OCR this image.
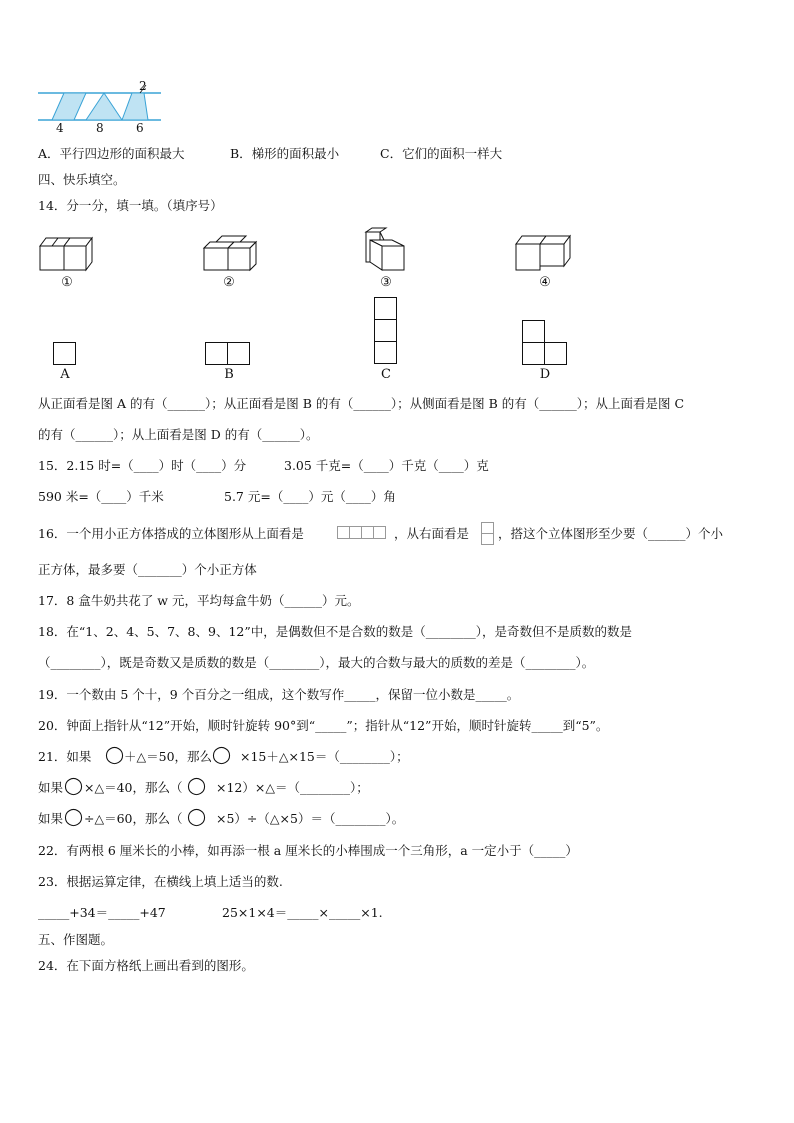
2
4	8	6
A．平行四边形的面积最大	B．梯形的面积最小	C．它们的面积一样大
四、快乐填空。
14．分一分，填一填。（填序号）
①	②	③	④
A	B	C	D
从正面看是图 A 的有（______）；从正面看是图 B 的有（______）；从侧面看是图 B 的有（______）；从上面看是图 C
的有（______）；从上面看是图 D 的有（______）。
15．2.15 时=（____）时（____）分	3.05 千克=（____）千克（____）克
590 米=（____）千米	5.7 元=（____）元（____）角
16．一个用小正方体搭成的立体图形从上面看是	，从右面看是 ，搭这个立体图形至少要（______）个小
正方体，最多要（_______）个小正方体
17．8 盒牛奶共花了 w 元，平均每盒牛奶（______）元。
18．在“1、2、4、5、7、8、9、12”中，是偶数但不是合数的数是（________），是奇数但不是质数的数是
（________），既是奇数又是质数的数是（________），最大的合数与最大的质数的差是（________）。
19．一个数由 5 个十，9 个百分之一组成，这个数写作_____，保留一位小数是_____。
20．钟面上指针从“12”开始，顺时针旋转 90°到“_____”；指针从“12”开始，顺时针旋转_____到“5”。
21．如果 ◯ ＋△＝50，那么 ◯ ×15＋△×15＝（________）；
如果 ◯ ×△＝40，那么（ ◯ ×12）×△＝（________）；
如果 ◯ ÷△＝60，那么（ ◯ ×5）÷（△×5）＝（________）。
22．有两根 6 厘米长的小棒，如再添一根 a 厘米长的小棒围成一个三角形，a 一定小于（_____）
23．根据运算定律，在横线上填上适当的数.
_____+34＝_____+47	25×1×4＝_____×_____×1.
五、作图题。
24．在下面方格纸上画出看到的图形。
